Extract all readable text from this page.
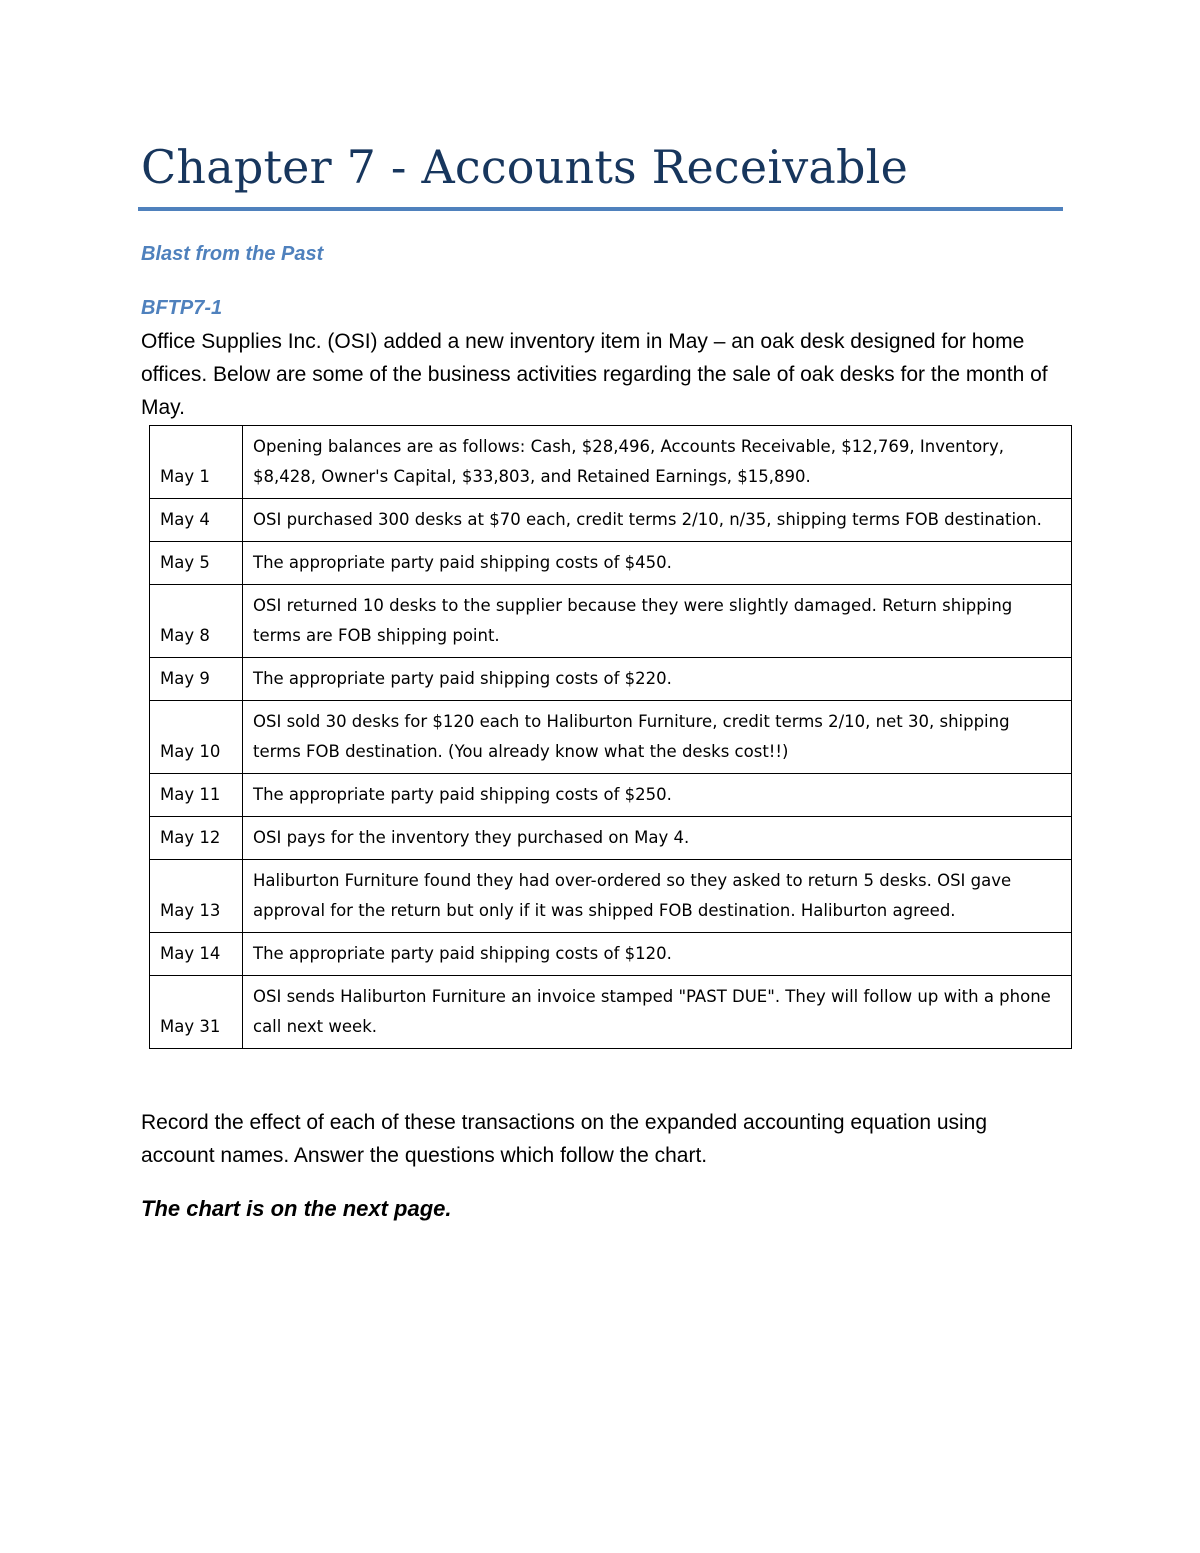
Chapter 7 - Accounts Receivable
Blast from the Past
BFTP7-1
Office Supplies Inc. (OSI) added a new inventory item in May – an oak desk designed for home offices. Below are some of the business activities regarding the sale of oak desks for the month of May.
May 1	Opening balances are as follows: Cash, $28,496, Accounts Receivable, $12,769, Inventory, $8,428, Owner's Capital, $33,803, and Retained Earnings, $15,890.
May 4	OSI purchased 300 desks at $70 each, credit terms 2/10, n/35, shipping terms FOB destination.
May 5	The appropriate party paid shipping costs of $450.
May 8	OSI returned 10 desks to the supplier because they were slightly damaged. Return shipping terms are FOB shipping point.
May 9	The appropriate party paid shipping costs of $220.
May 10	OSI sold 30 desks for $120 each to Haliburton Furniture, credit terms 2/10, net 30, shipping terms FOB destination. (You already know what the desks cost!!)
May 11	The appropriate party paid shipping costs of $250.
May 12	OSI pays for the inventory they purchased on May 4.
May 13	Haliburton Furniture found they had over-ordered so they asked to return 5 desks. OSI gave approval for the return but only if it was shipped FOB destination. Haliburton agreed.
May 14	The appropriate party paid shipping costs of $120.
May 31	OSI sends Haliburton Furniture an invoice stamped "PAST DUE". They will follow up with a phone call next week.
Record the effect of each of these transactions on the expanded accounting equation using account names. Answer the questions which follow the chart.
The chart is on the next page.
